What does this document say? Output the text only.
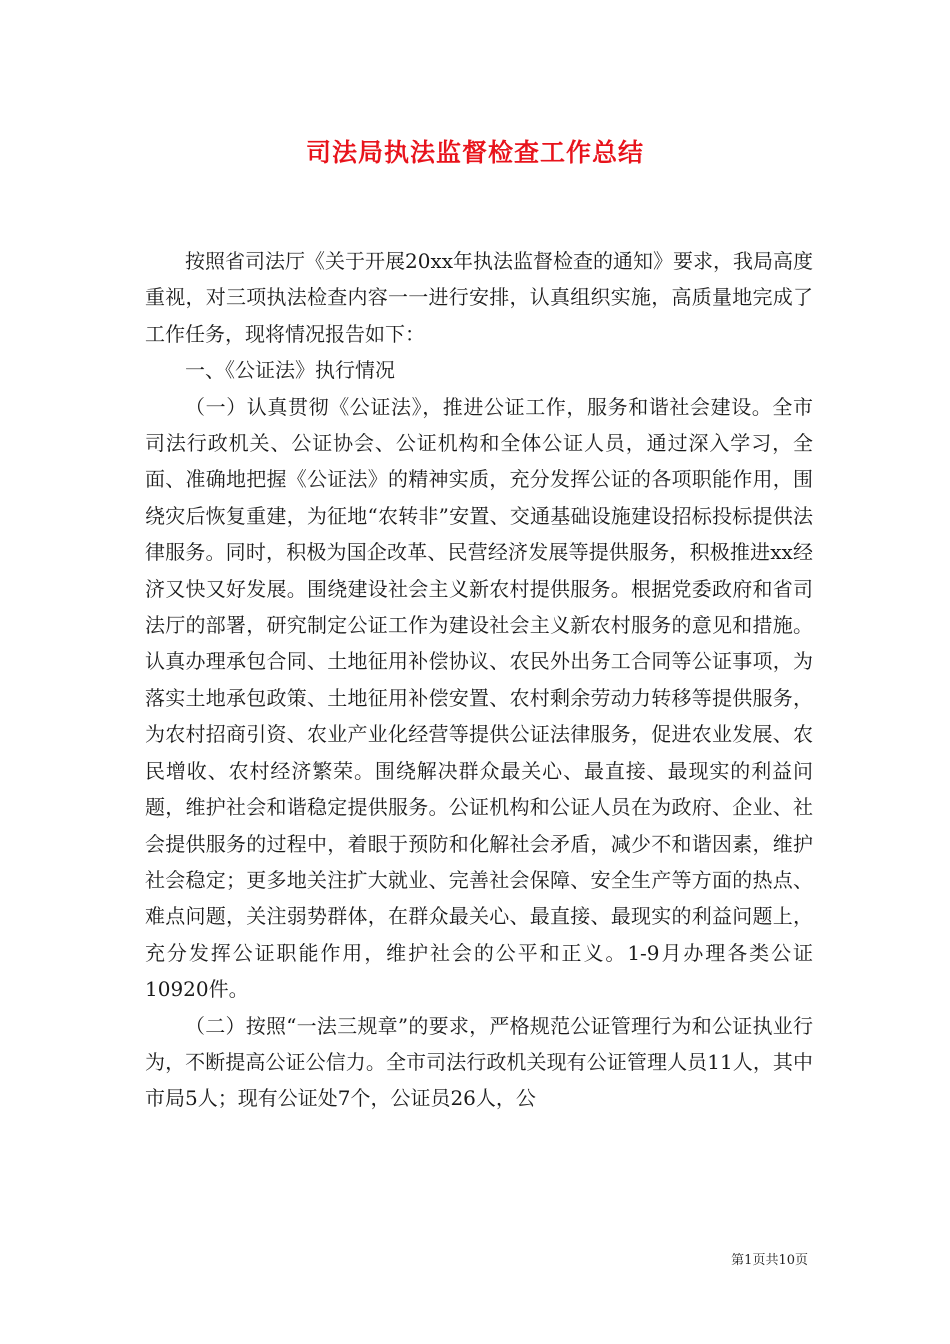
司法局执法监督检查工作总结

按照省司法厅《关于开展20xx年执法监督检查的通知》要求，我局高度重视，对三项执法检查内容一一进行安排，认真组织实施，高质量地完成了工作任务，现将情况报告如下：

一、《公证法》执行情况

（一）认真贯彻《公证法》，推进公证工作，服务和谐社会建设。全市司法行政机关、公证协会、公证机构和全体公证人员，通过深入学习，全面、准确地把握《公证法》的精神实质，充分发挥公证的各项职能作用，围绕灾后恢复重建，为征地“农转非”安置、交通基础设施建设招标投标提供法律服务。同时，积极为国企改革、民营经济发展等提供服务，积极推进xx经济又快又好发展。围绕建设社会主义新农村提供服务。根据党委政府和省司法厅的部署，研究制定公证工作为建设社会主义新农村服务的意见和措施。认真办理承包合同、土地征用补偿协议、农民外出务工合同等公证事项，为落实土地承包政策、土地征用补偿安置、农村剩余劳动力转移等提供服务，为农村招商引资、农业产业化经营等提供公证法律服务，促进农业发展、农民增收、农村经济繁荣。围绕解决群众最关心、最直接、最现实的利益问题，维护社会和谐稳定提供服务。公证机构和公证人员在为政府、企业、社会提供服务的过程中，着眼于预防和化解社会矛盾，减少不和谐因素，维护社会稳定；更多地关注扩大就业、完善社会保障、安全生产等方面的热点、难点问题，关注弱势群体，在群众最关心、最直接、最现实的利益问题上，充分发挥公证职能作用，维护社会的公平和正义。1-9月办理各类公证10920件。

（二）按照“一法三规章”的要求，严格规范公证管理行为和公证执业行为，不断提高公证公信力。全市司法行政机关现有公证管理人员11人，其中市局5人；现有公证处7个，公证员26人，公

第1页共10页
